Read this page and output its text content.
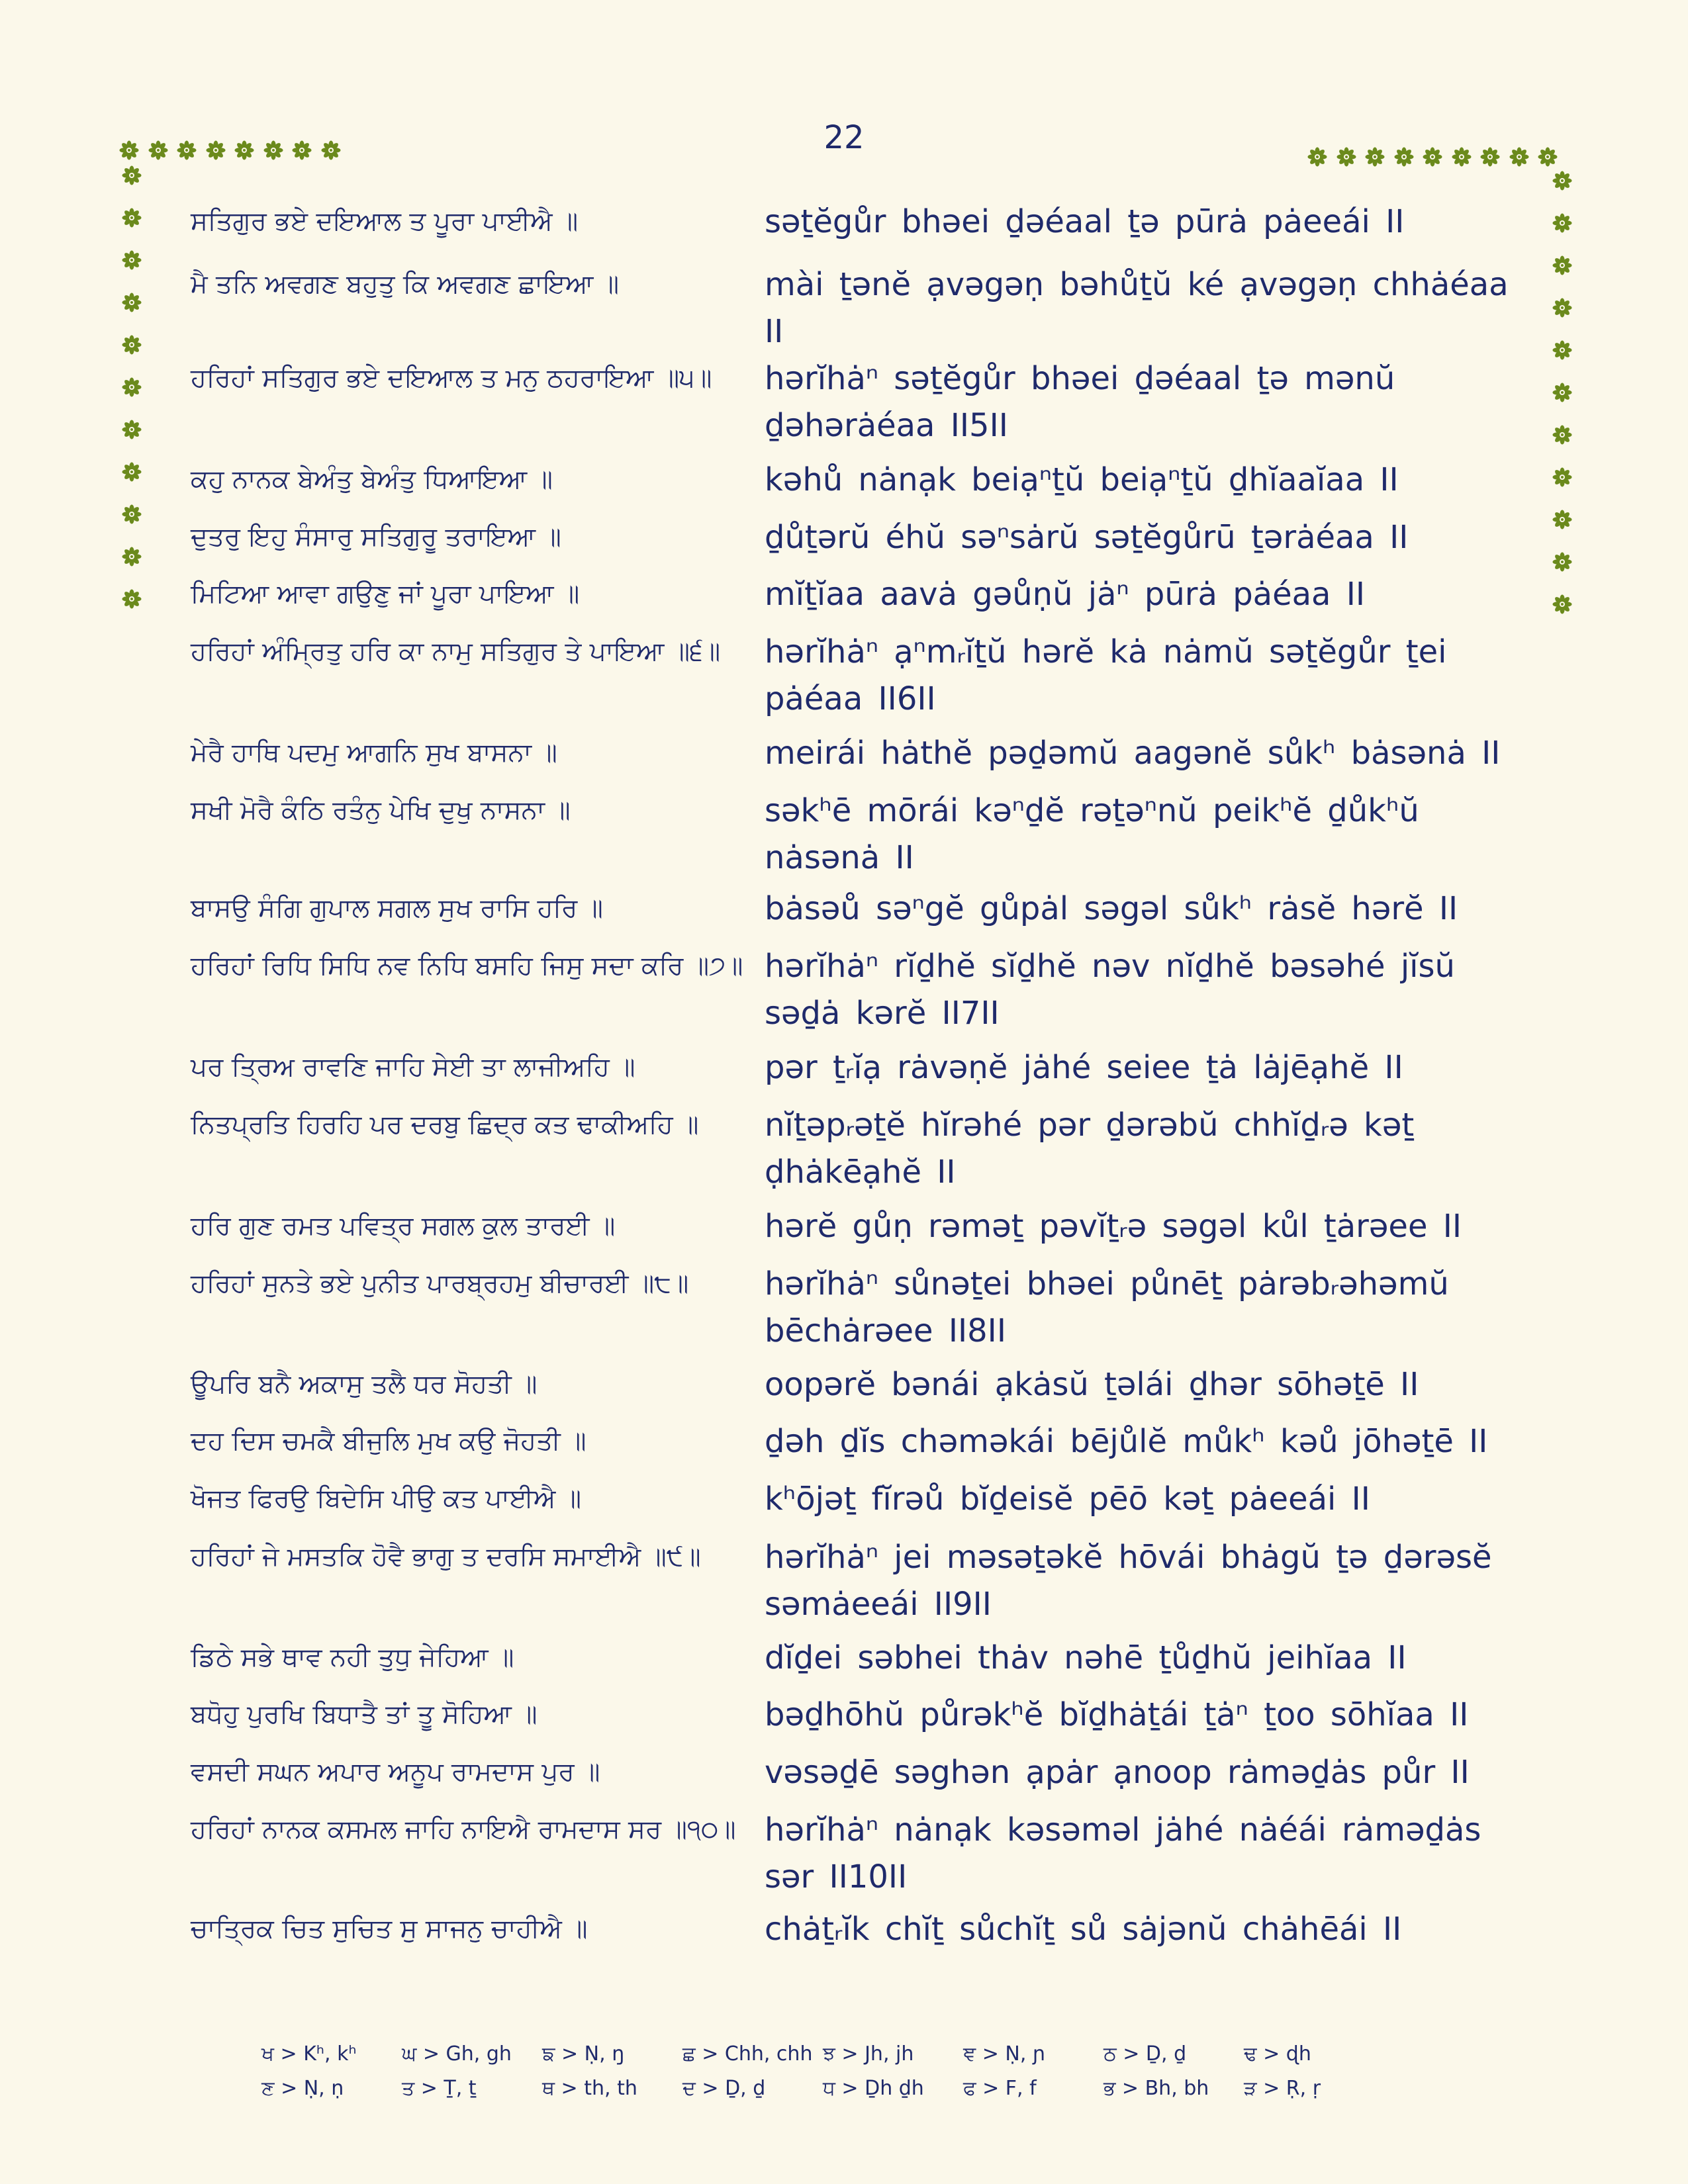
22
ਸਤਿਗੁਰ ਭਏ ਦਇਆਲ ਤ ਪੂਰਾ ਪਾਈਐ ॥	səṯĕgůr bhəei ḏəéaal ṯə pūrȧ pȧeeái II
ਮੈ ਤਨਿ ਅਵਗਣ ਬਹੁਤੁ ਕਿ ਅਵਗਣ ਛਾਇਆ ॥	mài ṯənĕ ạvəgəṇ bəhůṯŭ ké ạvəgəṇ chhȧéaa II
ਹਰਿਹਾਂ ਸਤਿਗੁਰ ਭਏ ਦਇਆਲ ਤ ਮਨੁ ਠਹਰਾਇਆ ॥੫॥	hərĭhȧⁿ səṯĕgůr bhəei ḏəéaal ṯə mənŭ ḏəhərȧéaa II5II
ਕਹੁ ਨਾਨਕ ਬੇਅੰਤੁ ਬੇਅੰਤੁ ਧਿਆਇਆ ॥	kəhů nȧnạk beiạⁿṯŭ beiạⁿṯŭ ḏhĭaaĭaa II
ਦੁਤਰੁ ਇਹੁ ਸੰਸਾਰੁ ਸਤਿਗੁਰੂ ਤਰਾਇਆ ॥	ḏůṯərŭ éhŭ səⁿsȧrŭ səṯĕgůrū ṯərȧéaa II
ਮਿਟਿਆ ਆਵਾ ਗਉਣੁ ਜਾਂ ਪੂਰਾ ਪਾਇਆ ॥	mĭṯĭaa aavȧ gəůṇŭ jȧⁿ pūrȧ pȧéaa II
ਹਰਿਹਾਂ ਅੰਮ੍ਰਿਤੁ ਹਰਿ ਕਾ ਨਾਮੁ ਸਤਿਗੁਰ ਤੇ ਪਾਇਆ ॥੬॥	hərĭhȧⁿ ạⁿmᵣĭṯŭ hərĕ kȧ nȧmŭ səṯĕgůr ṯei pȧéaa II6II
ਮੇਰੈ ਹਾਥਿ ਪਦਮੁ ਆਗਨਿ ਸੁਖ ਬਾਸਨਾ ॥	meirái hȧthĕ pəḏəmŭ aagənĕ sůkʰ bȧsənȧ II
ਸਖੀ ਮੋਰੈ ਕੰਠਿ ਰਤੰਨੁ ਪੇਖਿ ਦੁਖੁ ਨਾਸਨਾ ॥	səkʰē mōrái kəⁿḏĕ rəṯəⁿnŭ peikʰĕ ḏůkʰŭ nȧsənȧ II
ਬਾਸਉ ਸੰਗਿ ਗੁਪਾਲ ਸਗਲ ਸੁਖ ਰਾਸਿ ਹਰਿ ॥	bȧsəů səⁿgĕ gůpȧl səgəl sůkʰ rȧsĕ hərĕ II
ਹਰਿਹਾਂ ਰਿਧਿ ਸਿਧਿ ਨਵ ਨਿਧਿ ਬਸਹਿ ਜਿਸੁ ਸਦਾ ਕਰਿ ॥੭॥ hərĭhȧⁿ rĭḏhĕ sĭḏhĕ nəv nĭḏhĕ bəsəhé jĭsŭ səḏȧ kərĕ II7II
ਪਰ ਤ੍ਰਿਅ ਰਾਵਣਿ ਜਾਹਿ ਸੇਈ ਤਾ ਲਾਜੀਅਹਿ ॥	pər ṯᵣĭạ rȧvəṇĕ jȧhé seiee ṯȧ lȧjēạhĕ II
ਨਿਤਪ੍ਰਤਿ ਹਿਰਹਿ ਪਰ ਦਰਬੁ ਛਿਦ੍ਰ ਕਤ ਢਾਕੀਅਹਿ ॥	nĭṯəpᵣəṯĕ hĭrəhé pər ḏərəbŭ chhĭḏᵣə kəṯ ḍhȧkēạhĕ II
ਹਰਿ ਗੁਣ ਰਮਤ ਪਵਿਤ੍ਰ ਸਗਲ ਕੁਲ ਤਾਰਈ ॥	hərĕ gůṇ rəməṯ pəvĭṯᵣə səgəl kůl ṯȧrəee II
ਹਰਿਹਾਂ ਸੁਨਤੇ ਭਏ ਪੁਨੀਤ ਪਾਰਬ੍ਰਹਮੁ ਬੀਚਾਰਈ ॥੮॥	hərĭhȧⁿ sůnəṯei bhəei půnēṯ pȧrəbᵣəhəmŭ bēchȧrəee II8II
ਊਪਰਿ ਬਨੈ ਅਕਾਸੁ ਤਲੈ ਧਰ ਸੋਹਤੀ ॥	oopərĕ bənái ạkȧsŭ ṯəlái ḏhər sōhəṯē II
ਦਹ ਦਿਸ ਚਮਕੈ ਬੀਜੁਲਿ ਮੁਖ ਕਉ ਜੋਹਤੀ ॥	ḏəh ḏĭs chəməkái bējůlĕ můkʰ kəů jōhəṯē II
ਖੋਜਤ ਫਿਰਉ ਬਿਦੇਸਿ ਪੀਉ ਕਤ ਪਾਈਐ ॥	kʰōjəṯ fĭrəů bĭḏeisĕ pēō kəṯ pȧeeái II
ਹਰਿਹਾਂ ਜੇ ਮਸਤਕਿ ਹੋਵੈ ਭਾਗੁ ਤ ਦਰਸਿ ਸਮਾਈਐ ॥੯॥	hərĭhȧⁿ jei məsəṯəkĕ hōvái bhȧgŭ ṯə ḏərəsĕ səmȧeeái II9II
ਡਿਠੇ ਸਭੇ ਥਾਵ ਨਹੀ ਤੁਧੁ ਜੇਹਿਆ ॥	dĭḏei səbhei thȧv nəhē ṯůḏhŭ jeihĭaa II
ਬਧੋਹੁ ਪੁਰਖਿ ਬਿਧਾਤੈ ਤਾਂ ਤੂ ਸੋਹਿਆ ॥	bəḏhōhŭ půrəkʰĕ bĭḏhȧṯái ṯȧⁿ ṯoo sōhĭaa II
ਵਸਦੀ ਸਘਨ ਅਪਾਰ ਅਨੂਪ ਰਾਮਦਾਸ ਪੁਰ ॥	vəsəḏē səghən ạpȧr ạnoop rȧməḏȧs půr II
ਹਰਿਹਾਂ ਨਾਨਕ ਕਸਮਲ ਜਾਹਿ ਨਾਇਐ ਰਾਮਦਾਸ ਸਰ ॥੧੦॥ hərĭhȧⁿ nȧnạk kəsəməl jȧhé nȧéái rȧməḏȧs sər II10II
ਚਾਤ੍ਰਿਕ ਚਿਤ ਸੁਚਿਤ ਸੁ ਸਾਜਨੁ ਚਾਹੀਐ ॥	chȧṯᵣĭk chĭṯ sůchĭṯ sů sȧjənŭ chȧhēái II
ਖ > Kʰ, kʰ	ਘ > Gh, gh	ਙ > Ṇ, ŋ	ਛ > Chh, chh ਝ > Jh, jh	ਞ > Ṇ, ɲ	ਠ > Ḏ, ḏ	ਢ > ɖh
ਣ > Ṇ, ṇ	ਤ > Ṯ, ṯ	ਥ > th, th	ਦ > Ḏ, ḏ	ਧ > Ḏh ḏh	ਫ > F, f	ਭ > Bh, bh	ੜ > Ṛ, ṛ
